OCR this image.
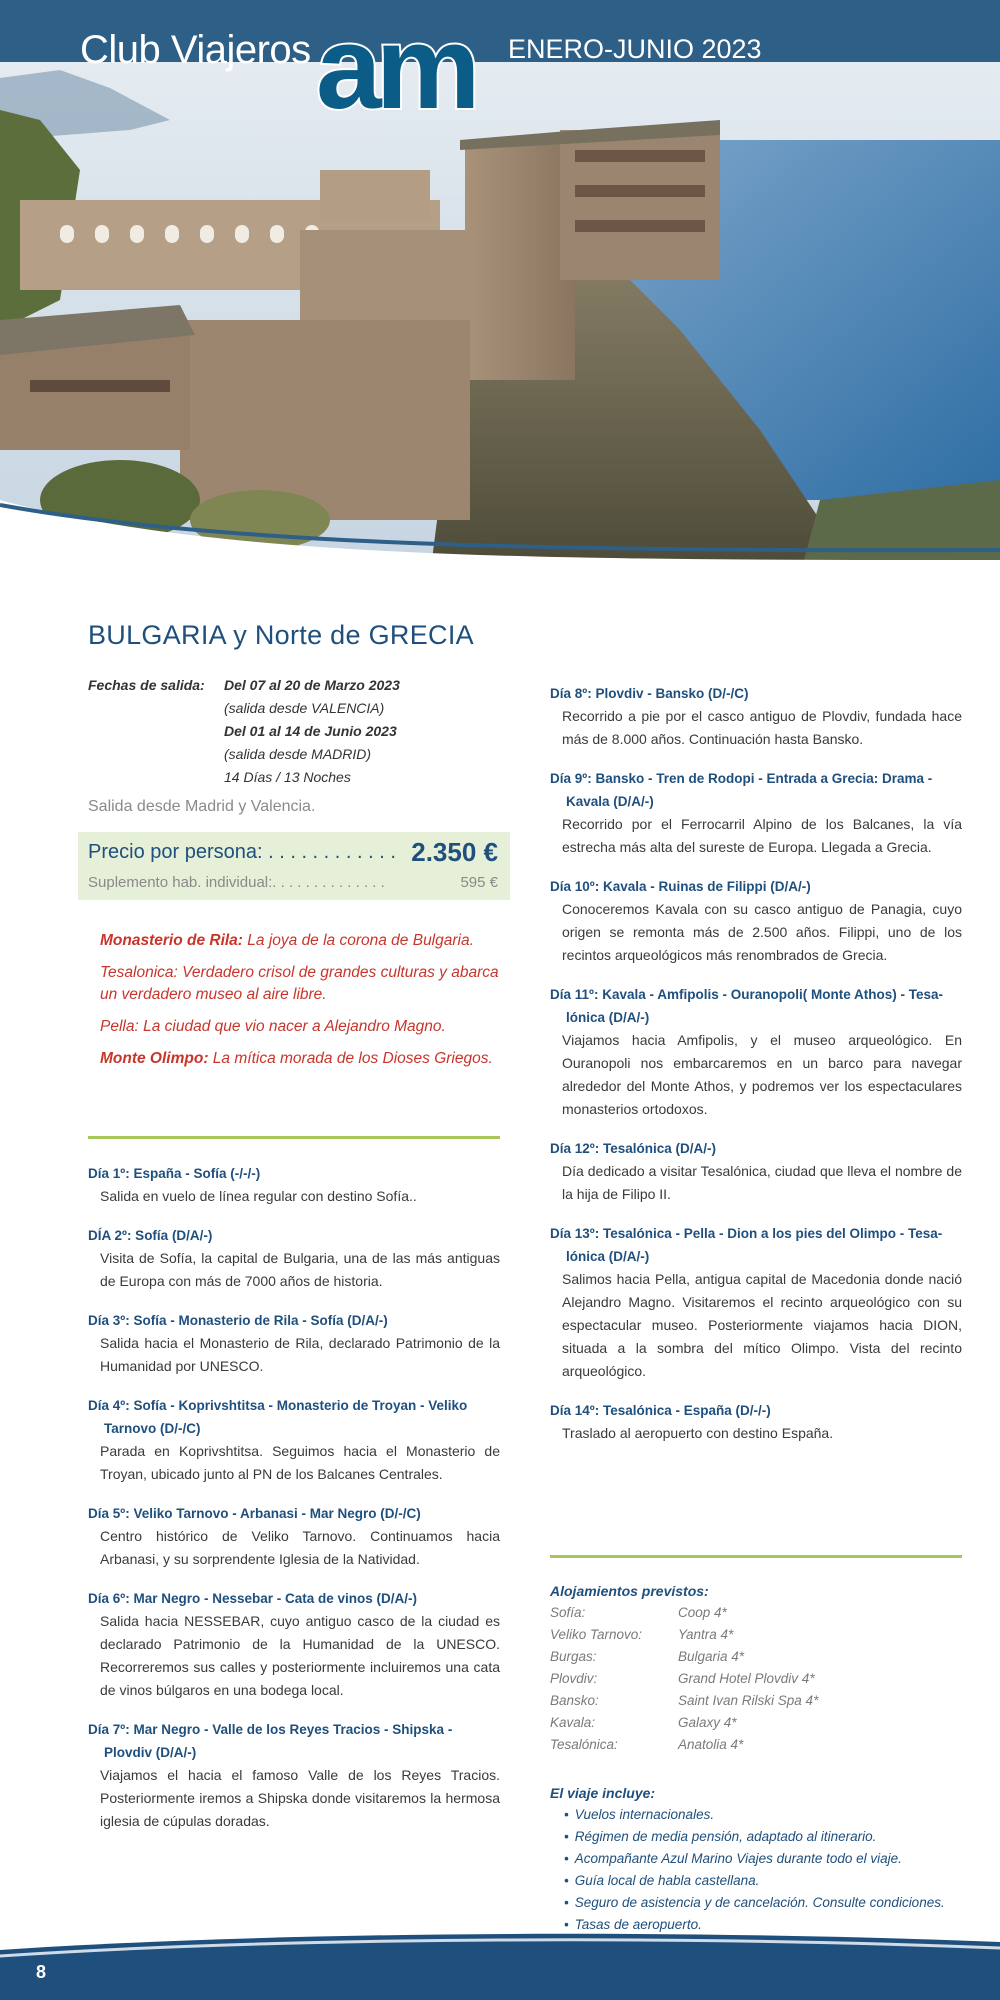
Club Viajeros am ENERO-JUNIO 2023
BULGARIA y Norte de GRECIA
Fechas de salida:	Del 07 al 20 de Marzo 2023
(salida desde VALENCIA)
Del 01 al 14 de Junio 2023
(salida desde MADRID)
14 Días / 13 Noches
Salida desde Madrid y Valencia.
Precio por persona: . . . . . . . . . . . . 2.350 €
Suplemento hab. individual:. . . . . . . . . . . . . .	595 €

Monasterio de Rila: La joya de la corona de Bulgaria.

Tesalonica: Verdadero crisol de grandes culturas y abarca un verdadero museo al aire libre.

Pella: La ciudad que vio nacer a Alejandro Magno.

Monte Olimpo: La mítica morada de los Dioses Griegos.

Día 1º: España - Sofía (-/-/-)
Salida en vuelo de línea regular con destino Sofía..
DÍA 2º: Sofía (D/A/-)
Visita de Sofía, la capital de Bulgaria, una de las más antiguas de Europa con más de 7000 años de historia.
Día 3º: Sofía - Monasterio de Rila - Sofía (D/A/-)
Salida hacia el Monasterio de Rila, declarado Patrimonio de la Humanidad por UNESCO.
Día 4º: Sofía - Koprivshtitsa - Monasterio de Troyan - Veliko
Tarnovo (D/-/C)
Parada en Koprivshtitsa. Seguimos hacia el Monasterio de Troyan, ubicado junto al PN de los Balcanes Centrales.
Día 5º: Veliko Tarnovo - Arbanasi - Mar Negro (D/-/C)
Centro histórico de Veliko Tarnovo. Continuamos hacia Arbanasi, y su sorprendente Iglesia de la Natividad.
Día 6º: Mar Negro - Nessebar - Cata de vinos (D/A/-)
Salida hacia NESSEBAR, cuyo antiguo casco de la ciudad es declarado Patrimonio de la Humanidad de la UNESCO. Recorreremos sus calles y posteriormente incluiremos una cata de vinos búlgaros en una bodega local.
Día 7º: Mar Negro - Valle de los Reyes Tracios - Shipska -
Plovdiv (D/A/-)
Viajamos el hacia el famoso Valle de los Reyes Tracios. Posteriormente iremos a Shipska donde visitaremos la hermosa iglesia de cúpulas doradas.
Día 8º: Plovdiv - Bansko (D/-/C)
Recorrido a pie por el casco antiguo de Plovdiv, fundada hace más de 8.000 años. Continuación hasta Bansko.
Día 9º: Bansko - Tren de Rodopi - Entrada a Grecia: Drama -
Kavala (D/A/-)
Recorrido por el Ferrocarril Alpino de los Balcanes, la vía estrecha más alta del sureste de Europa. Llegada a Grecia.
Día 10º: Kavala - Ruinas de Filippi (D/A/-)
Conoceremos Kavala con su casco antiguo de Panagia, cuyo origen se remonta más de 2.500 años. Filippi, uno de los recintos arqueológicos más renombrados de Grecia.
Día 11º: Kavala - Amfipolis - Ouranopoli( Monte Athos) - Tesa-
lónica (D/A/-)
Viajamos hacia Amfipolis, y el museo arqueológico. En Ouranopoli nos embarcaremos en un barco para navegar alrededor del Monte Athos, y podremos ver los espectaculares monasterios ortodoxos.
Día 12º: Tesalónica (D/A/-)
Día dedicado a visitar Tesalónica, ciudad que lleva el nombre de la hija de Filipo II.
Día 13º: Tesalónica - Pella - Dion a los pies del Olimpo - Tesa-
lónica (D/A/-)
Salimos hacia Pella, antigua capital de Macedonia donde nació Alejandro Magno. Visitaremos el recinto arqueológico con su espectacular museo. Posteriormente viajamos hacia DION, situada a la sombra del mítico Olimpo. Vista del recinto arqueológico.
Día 14º: Tesalónica - España (D/-/-)
Traslado al aeropuerto con destino España.
Alojamientos previstos:
Sofía:	Coop 4*
Veliko Tarnovo:	Yantra 4*
Burgas:	Bulgaria 4*
Plovdiv:	Grand Hotel Plovdiv 4*
Bansko:	Saint Ivan Rilski Spa 4*
Kavala:	Galaxy 4*
Tesalónica:	Anatolia 4*
El viaje incluye:
• Vuelos internacionales.
• Régimen de media pensión, adaptado al itinerario.
• Acompañante Azul Marino Viajes durante todo el viaje.
• Guía local de habla castellana.
• Seguro de asistencia y de cancelación. Consulte condiciones.
• Tasas de aeropuerto.
8
